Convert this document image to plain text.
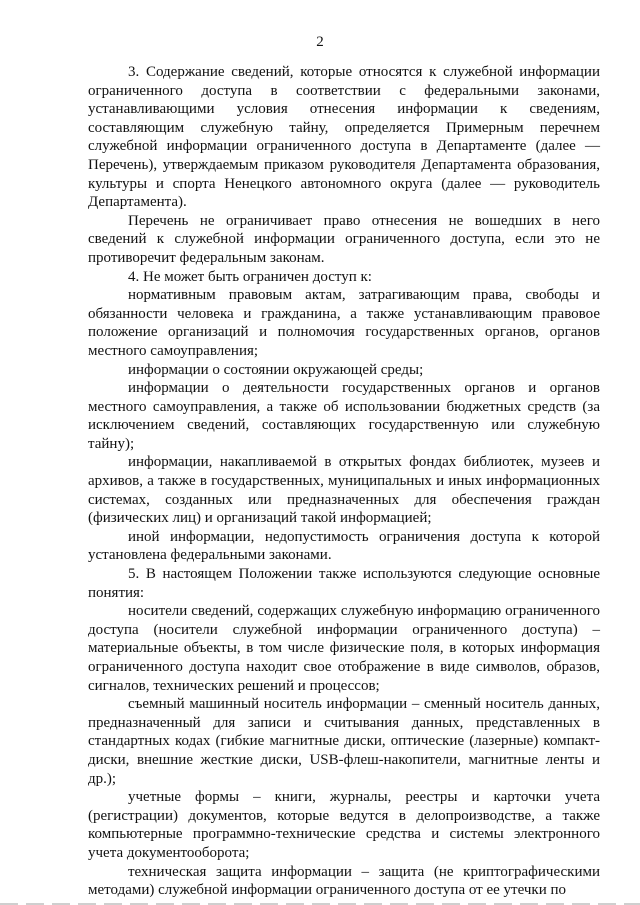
2

3. Содержание сведений, которые относятся к служебной информации ограниченного доступа в соответствии с федеральными законами, устанавливающими условия отнесения информации к сведениям, составляющим служебную тайну, определяется Примерным перечнем служебной информации ограниченного доступа в Департаменте (далее — Перечень), утверждаемым приказом руководителя Департамента образования, культуры и спорта Ненецкого автономного округа (далее — руководитель Департамента).

Перечень не ограничивает право отнесения не вошедших в него сведений к служебной информации ограниченного доступа, если это не противоречит федеральным законам.

4. Не может быть ограничен доступ к:

нормативным правовым актам, затрагивающим права, свободы и обязанности человека и гражданина, а также устанавливающим правовое положение организаций и полномочия государственных органов, органов местного самоуправления;

информации о состоянии окружающей среды;

информации о деятельности государственных органов и органов местного самоуправления, а также об использовании бюджетных средств (за исключением сведений, составляющих государственную или служебную тайну);

информации, накапливаемой в открытых фондах библиотек, музеев и архивов, а также в государственных, муниципальных и иных информационных системах, созданных или предназначенных для обеспечения граждан (физических лиц) и организаций такой информацией;

иной информации, недопустимость ограничения доступа к которой установлена федеральными законами.

5. В настоящем Положении также используются следующие основные понятия:

носители сведений, содержащих служебную информацию ограниченного доступа (носители служебной информации ограниченного доступа) – материальные объекты, в том числе физические поля, в которых информация ограниченного доступа находит свое отображение в виде символов, образов, сигналов, технических решений и процессов;

съемный машинный носитель информации – сменный носитель данных, предназначенный для записи и считывания данных, представленных в стандартных кодах (гибкие магнитные диски, оптические (лазерные) компакт-диски, внешние жесткие диски, USB-флеш-накопители, магнитные ленты и др.);

учетные формы – книги, журналы, реестры и карточки учета (регистрации) документов, которые ведутся в делопроизводстве, а также компьютерные программно-технические средства и системы электронного учета документооборота;

техническая защита информации – защита (не криптографическими методами) служебной информации ограниченного доступа от ее утечки по
